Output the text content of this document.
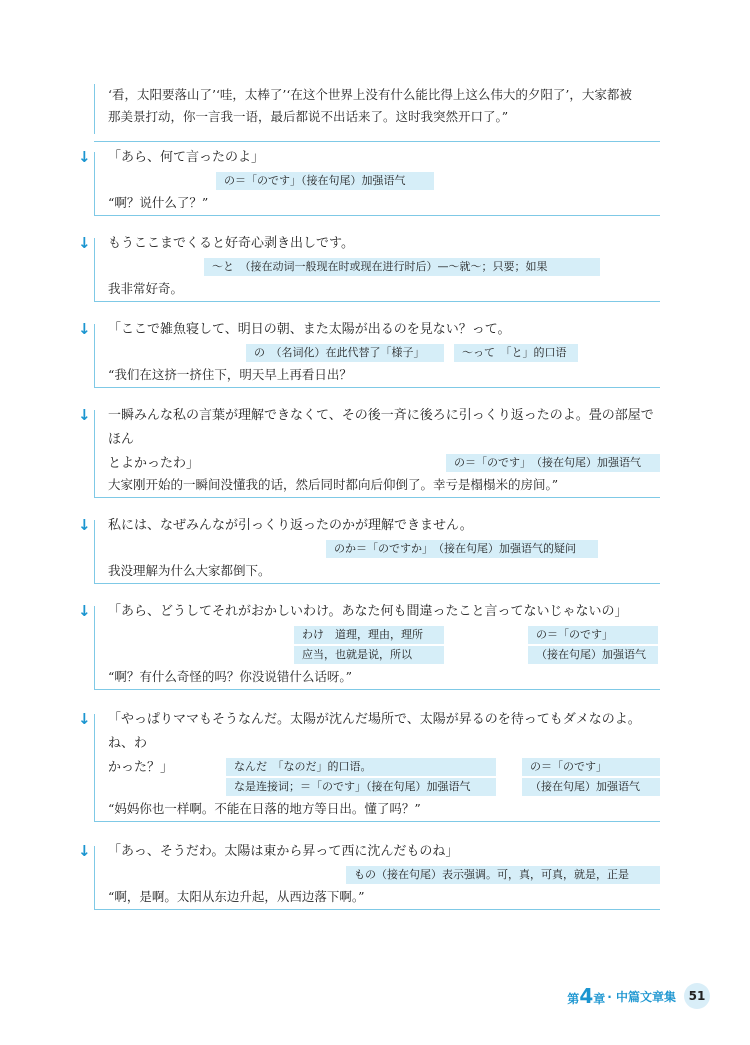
‘看，太阳要落山了’‘哇，太棒了’‘在这个世界上没有什么能比得上这么伟大的夕阳了’，大家都被
那美景打动，你一言我一语，最后都说不出话来了。这时我突然开口了。”
↓ 「あら、何て言ったのよ」
の＝「のです」（接在句尾）加强语气
“啊？说什么了？”
↓ もうここまでくると好奇心剥き出しです。
～と　（接在动词一般现在时或现在进行时后）—～就～；只要；如果
我非常好奇。
↓ 「ここで雑魚寝して、明日の朝、また太陽が出るのを見ない？って。
の　（名词化）在此代替了「様子」	～って　「と」的口语
“我们在这挤一挤住下，明天早上再看日出？
↓ 一瞬みんな私の言葉が理解できなくて、その後一斉に後ろに引っくり返ったのよ。畳の部屋でほん
とよかったわ」	の＝「のです」　（接在句尾）加强语气
大家刚开始的一瞬间没懂我的话，然后同时都向后仰倒了。幸亏是榻榻米的房间。”
↓ 私には、なぜみんなが引っくり返ったのかが理解できません。
のか＝「のですか」　（接在句尾）加强语气的疑问
我没理解为什么大家都倒下。
↓ 「あら、どうしてそれがおかしいわけ。あなた何も間違ったこと言ってないじゃないの」
わけ　道理，理由，理所
应当，也就是说，所以
の＝「のです」
（接在句尾）加强语气
“啊？有什么奇怪的吗？你没说错什么话呀。”
↓ 「やっぱりママもそうなんだ。太陽が沈んだ場所で、太陽が昇るのを待ってもダメなのよ。ね、わ
かった？」	なんだ　「なのだ」的口语。
な是连接词；＝「のです」（接在句尾）加强语气
の＝「のです」
（接在句尾）加强语气
“妈妈你也一样啊。不能在日落的地方等日出。懂了吗？”
↓ 「あっ、そうだわ。太陽は東から昇って西に沈んだものね」
もの（接在句尾）表示强调。可，真，可真，就是，正是
“啊，是啊。太阳从东边升起，从西边落下啊。”
第4章 · 中篇文章集	51
